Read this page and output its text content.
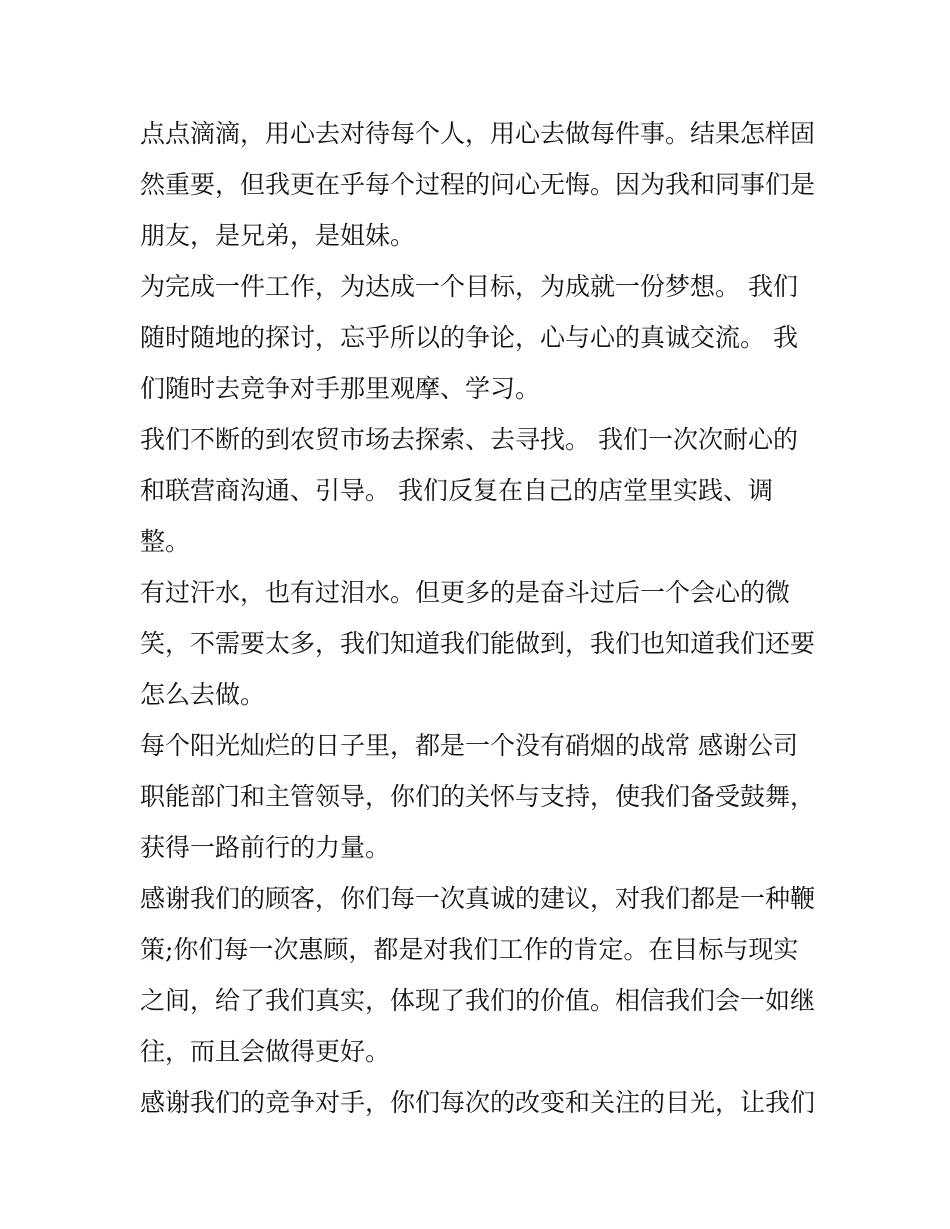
点点滴滴，用心去对待每个人，用心去做每件事。结果怎样固
然重要，但我更在乎每个过程的问心无悔。因为我和同事们是
朋友，是兄弟，是姐妹。
为完成一件工作，为达成一个目标，为成就一份梦想。 我们
随时随地的探讨，忘乎所以的争论，心与心的真诚交流。 我
们随时去竞争对手那里观摩、学习。
我们不断的到农贸市场去探索、去寻找。 我们一次次耐心的
和联营商沟通、引导。 我们反复在自己的店堂里实践、调
整。
有过汗水，也有过泪水。但更多的是奋斗过后一个会心的微
笑，不需要太多，我们知道我们能做到，我们也知道我们还要
怎么去做。
每个阳光灿烂的日子里，都是一个没有硝烟的战常 感谢公司
职能部门和主管领导，你们的关怀与支持，使我们备受鼓舞，
获得一路前行的力量。
感谢我们的顾客，你们每一次真诚的建议，对我们都是一种鞭
策;你们每一次惠顾，都是对我们工作的肯定。在目标与现实
之间，给了我们真实，体现了我们的价值。相信我们会一如继
往，而且会做得更好。
感谢我们的竞争对手，你们每次的改变和关注的目光，让我们
